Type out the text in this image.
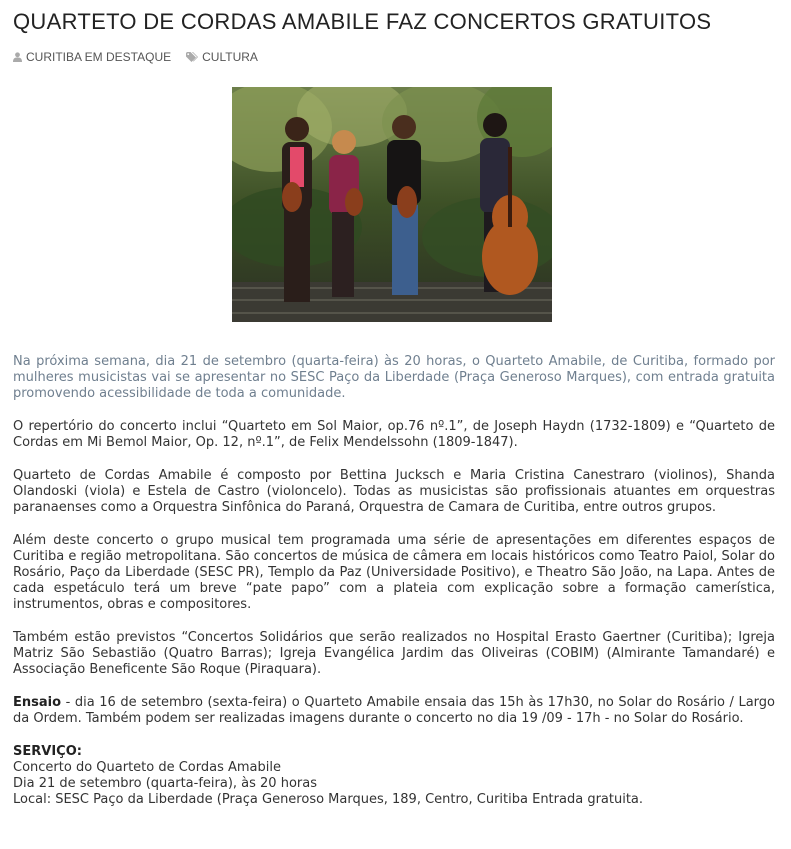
QUARTETO DE CORDAS AMABILE FAZ CONCERTOS GRATUITOS
CURITIBA EM DESTAQUE	CULTURA

Na próxima semana, dia 21 de setembro (quarta-feira) às 20 horas, o Quarteto Amabile, de Curitiba, formado por mulheres musicistas vai se apresentar no SESC Paço da Liberdade (Praça Generoso Marques), com entrada gratuita promovendo acessibilidade de toda a comunidade.

O repertório do concerto inclui “Quarteto em Sol Maior, op.76 nº.1”, de Joseph Haydn (1732-1809) e “Quarteto de Cordas em Mi Bemol Maior, Op. 12, nº.1”, de Felix Mendelssohn (1809-1847).

Quarteto de Cordas Amabile é composto por Bettina Jucksch e Maria Cristina Canestraro (violinos), Shanda Olandoski (viola) e Estela de Castro (violoncelo). Todas as musicistas são profissionais atuantes em orquestras paranaenses como a Orquestra Sinfônica do Paraná, Orquestra de Camara de Curitiba, entre outros grupos.

Além deste concerto o grupo musical tem programada uma série de apresentações em diferentes espaços de Curitiba e região metropolitana. São concertos de música de câmera em locais históricos como Teatro Paiol, Solar do Rosário, Paço da Liberdade (SESC PR), Templo da Paz (Universidade Positivo), e Theatro São João, na Lapa. Antes de cada espetáculo terá um breve “pate papo” com a plateia com explicação sobre a formação camerística, instrumentos, obras e compositores.

Também estão previstos “Concertos Solidários que serão realizados no Hospital Erasto Gaertner (Curitiba); Igreja Matriz São Sebastião (Quatro Barras); Igreja Evangélica Jardim das Oliveiras (COBIM) (Almirante Tamandaré) e Associação Beneficente São Roque (Piraquara).

Ensaio - dia 16 de setembro (sexta-feira) o Quarteto Amabile ensaia das 15h às 17h30, no Solar do Rosário / Largo da Ordem. Também podem ser realizadas imagens durante o concerto no dia 19 /09 - 17h - no Solar do Rosário.

SERVIÇO:
Concerto do Quarteto de Cordas Amabile
Dia 21 de setembro (quarta-feira), às 20 horas
Local: SESC Paço da Liberdade (Praça Generoso Marques, 189, Centro, Curitiba Entrada gratuita.
